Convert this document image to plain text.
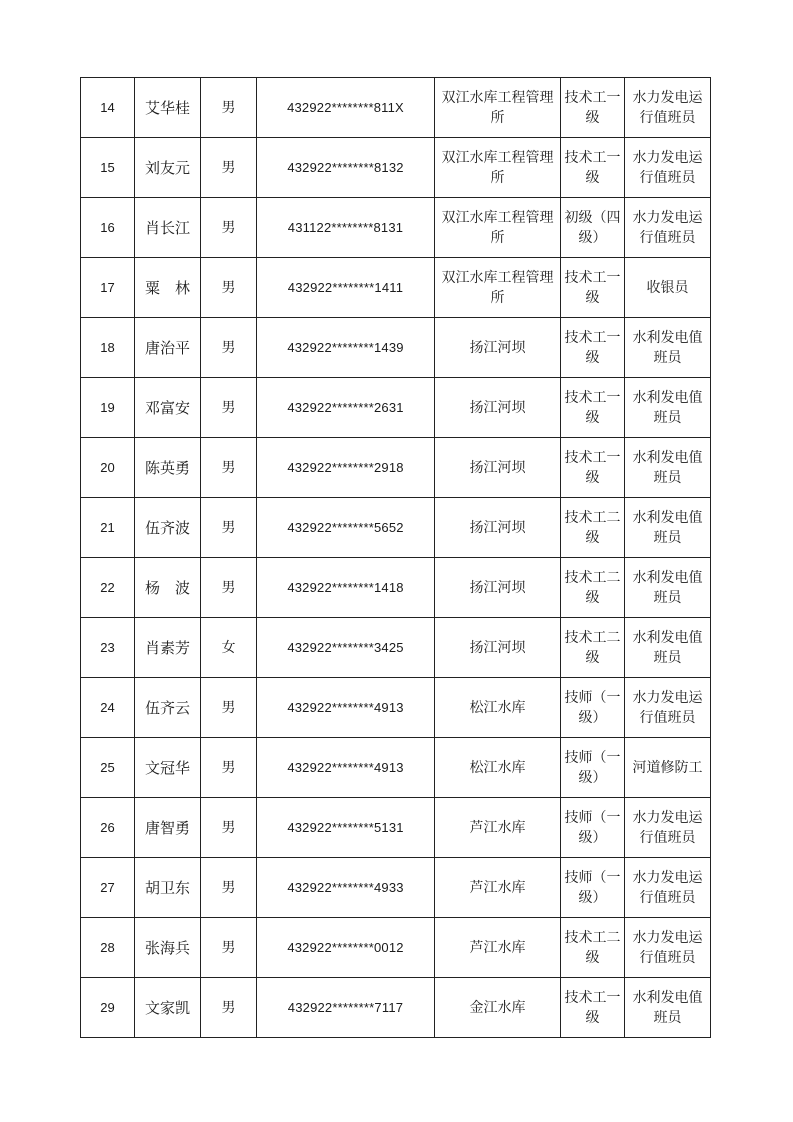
14	艾华桂	男	432922********811X	双江水库工程管理所	技术工一级	水力发电运行值班员
15	刘友元	男	432922********8132	双江水库工程管理所	技术工一级	水力发电运行值班员
16	肖长江	男	431122********8131	双江水库工程管理所	初级（四级）	水力发电运行值班员
17	粟　林	男	432922********1411	双江水库工程管理所	技术工一级	收银员
18	唐治平	男	432922********1439	扬江河坝	技术工一级	水利发电值班员
19	邓富安	男	432922********2631	扬江河坝	技术工一级	水利发电值班员
20	陈英勇	男	432922********2918	扬江河坝	技术工一级	水利发电值班员
21	伍齐波	男	432922********5652	扬江河坝	技术工二级	水利发电值班员
22	杨　波	男	432922********1418	扬江河坝	技术工二级	水利发电值班员
23	肖素芳	女	432922********3425	扬江河坝	技术工二级	水利发电值班员
24	伍齐云	男	432922********4913	松江水库	技师（一级）	水力发电运行值班员
25	文冠华	男	432922********4913	松江水库	技师（一级）	河道修防工
26	唐智勇	男	432922********5131	芦江水库	技师（一级）	水力发电运行值班员
27	胡卫东	男	432922********4933	芦江水库	技师（一级）	水力发电运行值班员
28	张海兵	男	432922********0012	芦江水库	技术工二级	水力发电运行值班员
29	文家凯	男	432922********7117	金江水库	技术工一级	水利发电值班员
